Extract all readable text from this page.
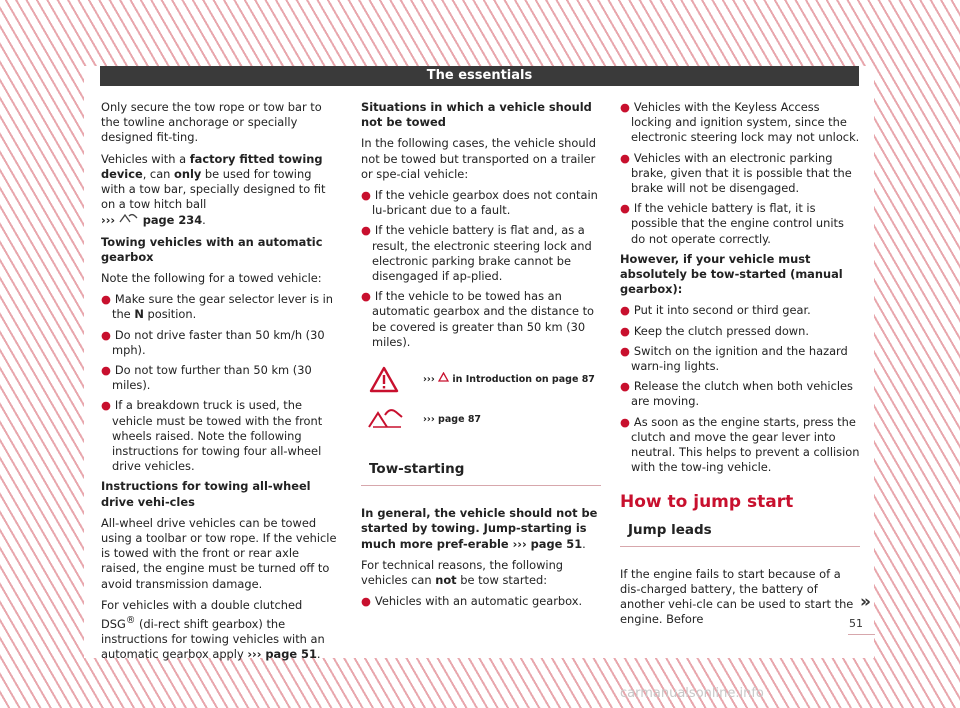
The essentials

Only secure the tow rope or tow bar to the towline anchorage or specially designed fit-ting.

Vehicles with a factory fitted towing device, can only be used for towing with a tow bar, specially designed to fit on a tow hitch ball
›››  page 234.

Towing vehicles with an automatic gearbox

Note the following for a towed vehicle:

● Make sure the gear selector lever is in the N position.

● Do not drive faster than 50 km/h (30 mph).

● Do not tow further than 50 km (30 miles).

● If a breakdown truck is used, the vehicle must be towed with the front wheels raised. Note the following instructions for towing four all-wheel drive vehicles.

Instructions for towing all-wheel drive vehi-cles

All-wheel drive vehicles can be towed using a toolbar or tow rope. If the vehicle is towed with the front or rear axle raised, the engine must be turned off to avoid transmission damage.

For vehicles with a double clutched DSG® (di-rect shift gearbox) the instructions for towing vehicles with an automatic gearbox apply ››› page 51.

Situations in which a vehicle should not be towed

In the following cases, the vehicle should not be towed but transported on a trailer or spe-cial vehicle:

● If the vehicle gearbox does not contain lu-bricant due to a fault.

● If the vehicle battery is flat and, as a result, the electronic steering lock and electronic parking brake cannot be disengaged if ap-plied.

● If the vehicle to be towed has an automatic gearbox and the distance to be covered is greater than 50 km (30 miles).

›››  in Introduction on page 87
››› page 87
Tow-starting

In general, the vehicle should not be started by towing. Jump-starting is much more pref-erable ››› page 51.

For technical reasons, the following vehicles can not be tow started:

● Vehicles with an automatic gearbox.

● Vehicles with the Keyless Access locking and ignition system, since the electronic steering lock may not unlock.

● Vehicles with an electronic parking brake, given that it is possible that the brake will not be disengaged.

● If the vehicle battery is flat, it is possible that the engine control units do not operate correctly.

However, if your vehicle must absolutely be tow-started (manual gearbox):

● Put it into second or third gear.

● Keep the clutch pressed down.

● Switch on the ignition and the hazard warn-ing lights.

● Release the clutch when both vehicles are moving.

● As soon as the engine starts, press the clutch and move the gear lever into neutral. This helps to prevent a collision with the tow-ing vehicle.

How to jump start
Jump leads

If the engine fails to start because of a dis-charged battery, the battery of another vehi-cle can be used to start the engine. Before

»
51
carmanualsonline.info
